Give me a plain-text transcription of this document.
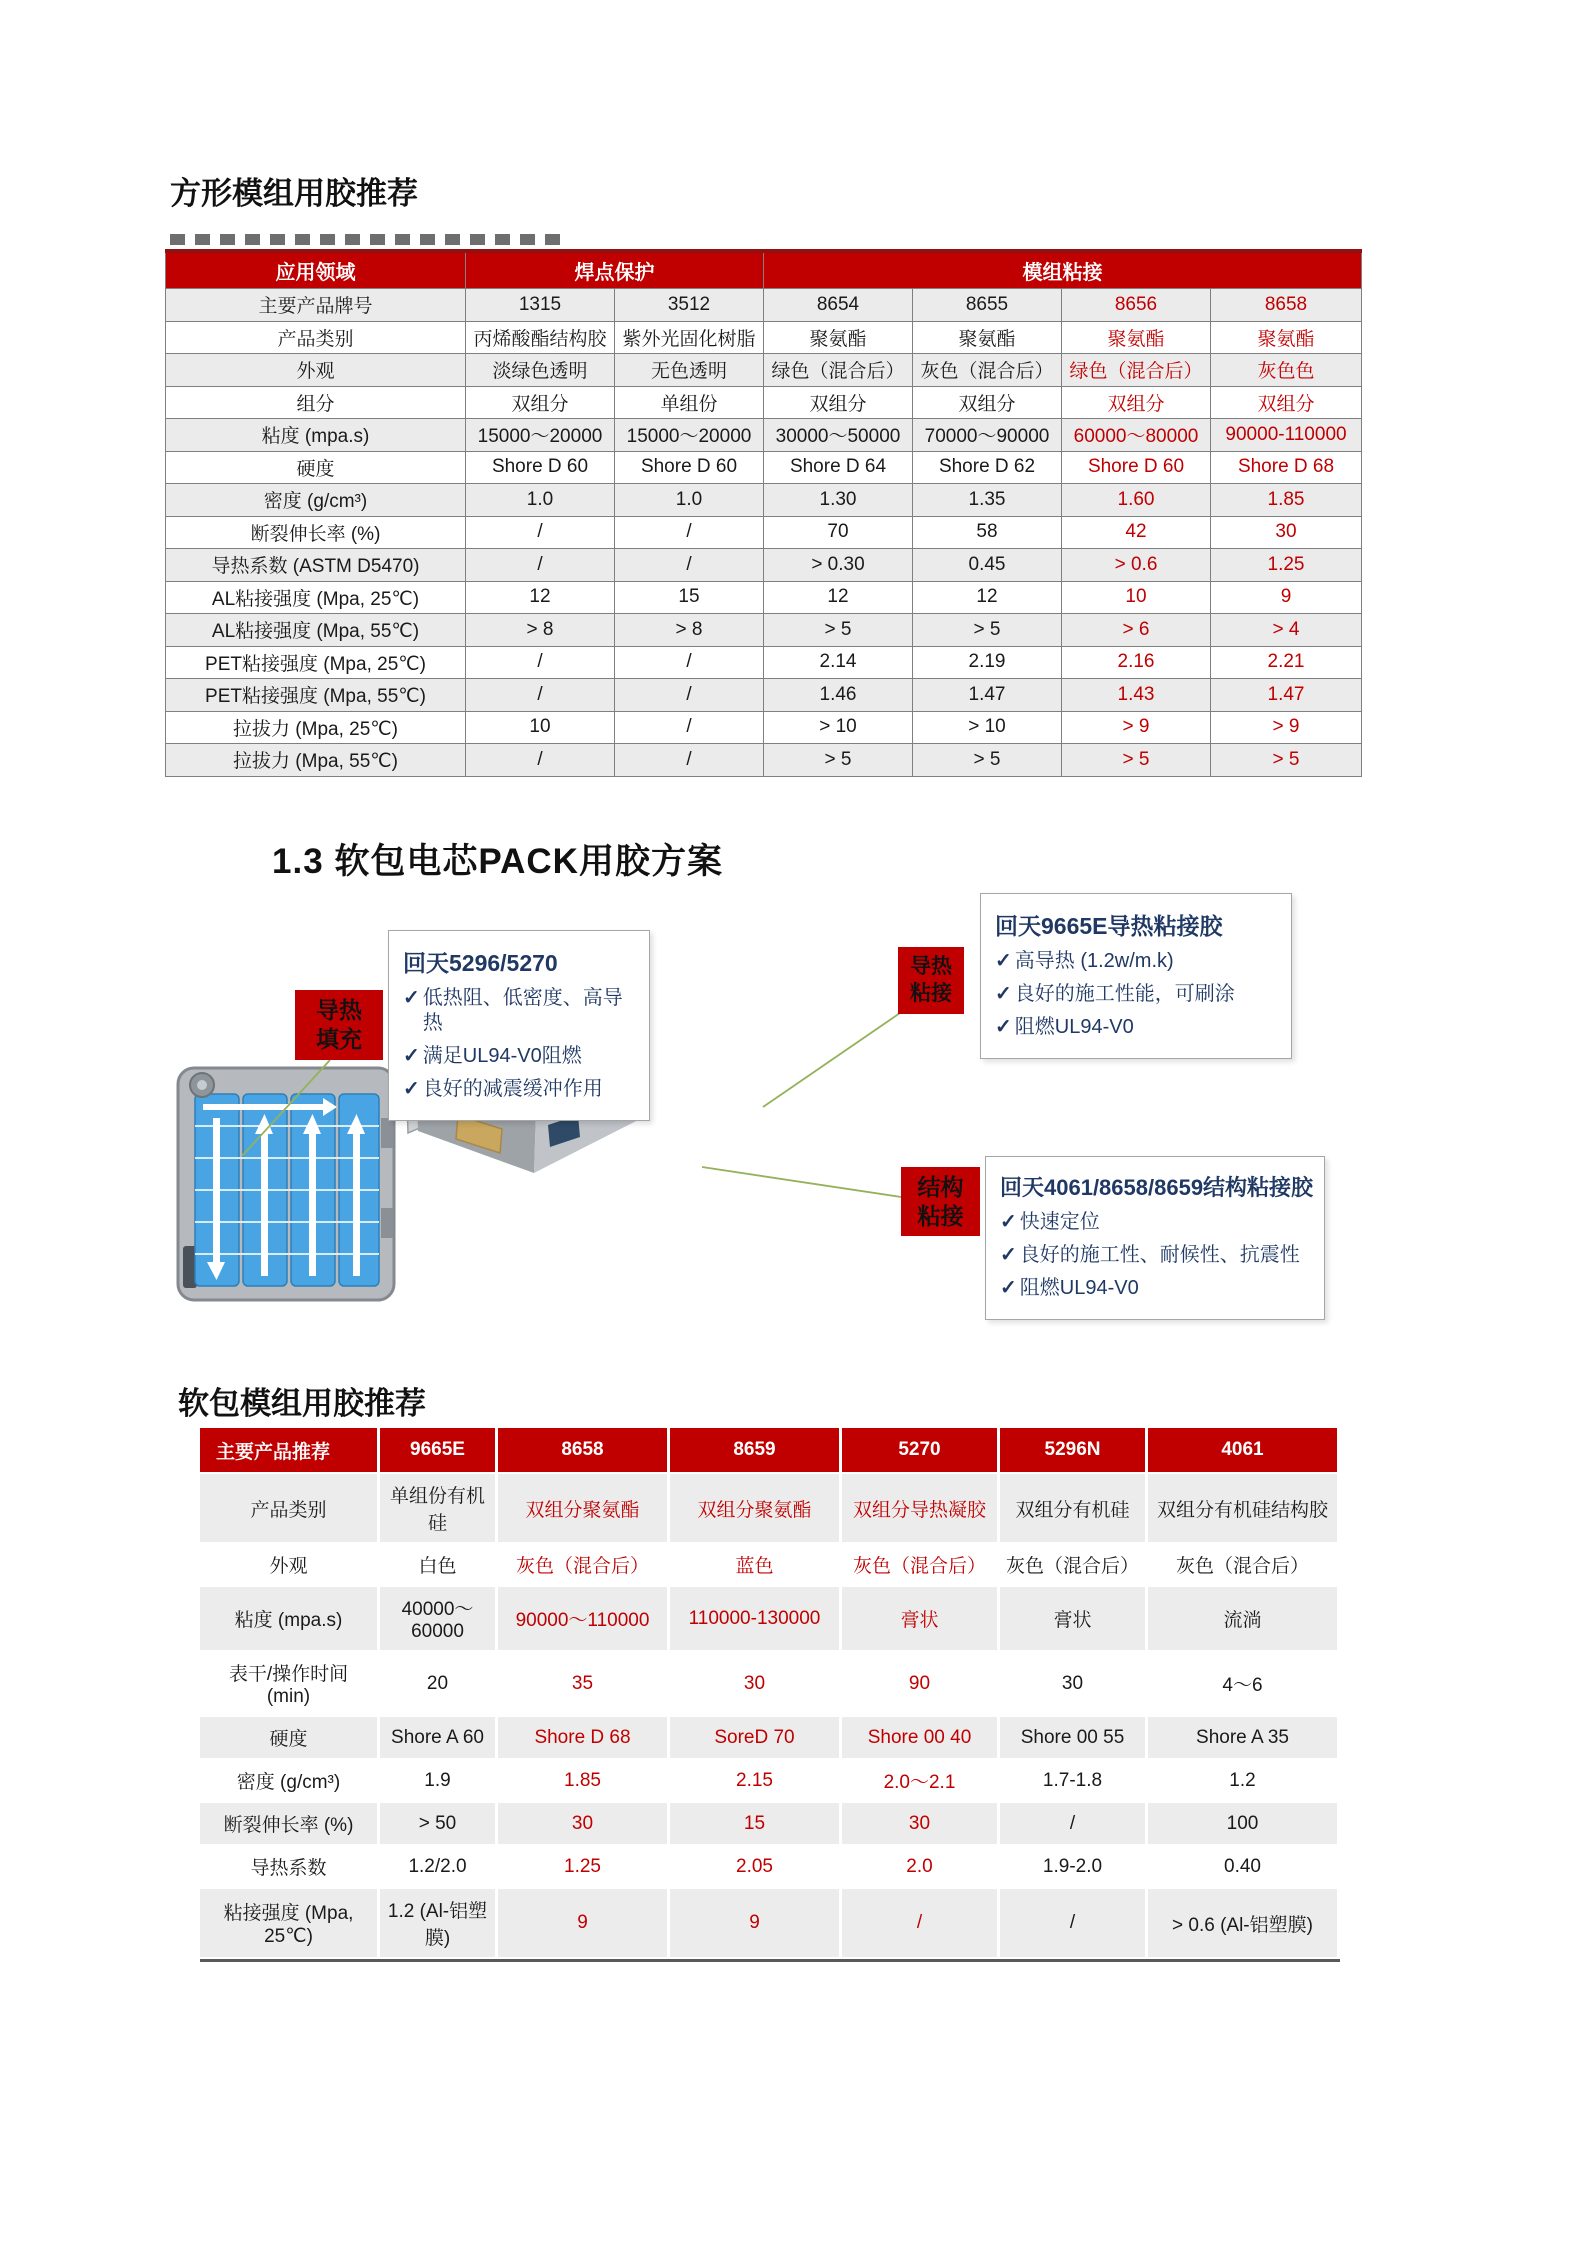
方形模组用胶推荐
应用领域	焊点保护		模组粘接			
主要产品牌号	1315	3512	8654	8655	8656	8658
产品类别	丙烯酸酯结构胶	紫外光固化树脂	聚氨酯	聚氨酯	聚氨酯	聚氨酯
外观	淡绿色透明	无色透明	绿色（混合后）	灰色（混合后）	绿色（混合后）	灰色色
组分	双组分	单组份	双组分	双组分	双组分	双组分
粘度 (mpa.s)	15000～20000	15000～20000	30000～50000	70000～90000	60000～80000	90000-110000
硬度	Shore D 60	Shore D 60	Shore D 64	Shore D 62	Shore D 60	Shore D 68
密度 (g/cm³)	1.0	1.0	1.30	1.35	1.60	1.85
断裂伸长率 (%)	/	/	70	58	42	30
导热系数 (ASTM D5470)	/	/	> 0.30	0.45	> 0.6	1.25
AL粘接强度 (Mpa, 25℃)	12	15	12	12	10	9
AL粘接强度 (Mpa, 55℃)	> 8	> 8	> 5	> 5	> 6	> 4
PET粘接强度 (Mpa, 25℃)	/	/	2.14	2.19	2.16	2.21
PET粘接强度 (Mpa, 55℃)	/	/	1.46	1.47	1.43	1.47
拉拔力 (Mpa, 25℃)	10	/	> 10	> 10	> 9	> 9
拉拔力 (Mpa, 55℃)	/	/	> 5	> 5	> 5	> 5
1.3 软包电芯PACK用胶方案
导热
填充
导热
粘接
结构
粘接
回天5296/5270
✓ 低热阻、低密度、高导热
✓ 满足UL94-V0阻燃
✓ 良好的减震缓冲作用
回天9665E导热粘接胶
✓ 高导热 (1.2w/m.k)
✓ 良好的施工性能，可刷涂
✓ 阻燃UL94-V0
回天4061/8658/8659结构粘接胶
✓ 快速定位
✓ 良好的施工性、耐候性、抗震性
✓ 阻燃UL94-V0
软包模组用胶推荐
主要产品推荐	9665E	8658	8659	5270	5296N	4061
产品类别	单组份有机硅	双组分聚氨酯	双组分聚氨酯	双组分导热凝胶	双组分有机硅	双组分有机硅结构胶
外观	白色	灰色（混合后）	蓝色	灰色（混合后）	灰色（混合后）	灰色（混合后）
粘度 (mpa.s)	40000～60000	90000～110000	110000-130000	膏状	膏状	流淌
表干/操作时间 (min)	20	35	30	90	30	4～6
硬度	Shore A 60	Shore D 68	SoreD 70	Shore 00 40	Shore 00 55	Shore A 35
密度 (g/cm³)	1.9	1.85	2.15	2.0～2.1	1.7-1.8	1.2
断裂伸长率 (%)	> 50	30	15	30	/	100
导热系数	1.2/2.0	1.25	2.05	2.0	1.9-2.0	0.40
粘接强度 (Mpa, 25℃)	1.2 (Al-铝塑膜)	9	9	/	/	> 0.6 (Al-铝塑膜)
